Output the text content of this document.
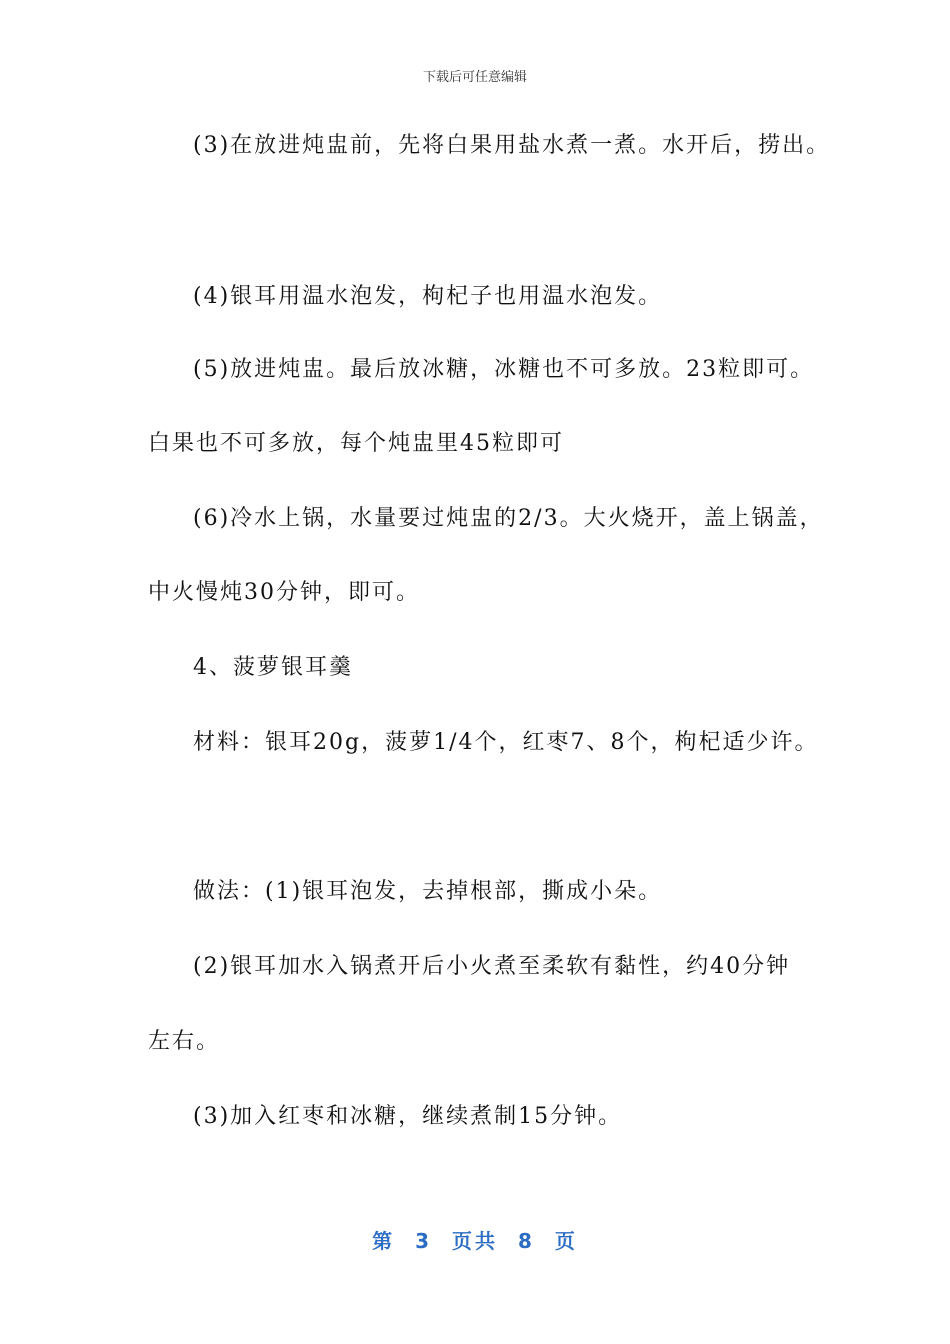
下载后可任意编辑
(3)在放进炖盅前，先将白果用盐水煮一煮。水开后，捞出。
(4)银耳用温水泡发，枸杞子也用温水泡发。
(5)放进炖盅。最后放冰糖，冰糖也不可多放。23粒即可。
白果也不可多放，每个炖盅里45粒即可
(6)冷水上锅，水量要过炖盅的2/3。大火烧开，盖上锅盖，
中火慢炖30分钟，即可。
4、菠萝银耳羹
材料：银耳20g，菠萝1/4个，红枣7、8个，枸杞适少许。
做法：(1)银耳泡发，去掉根部，撕成小朵。
(2)银耳加水入锅煮开后小火煮至柔软有黏性，约40分钟
左右。
(3)加入红枣和冰糖，继续煮制15分钟。
第 3 页共 8 页
